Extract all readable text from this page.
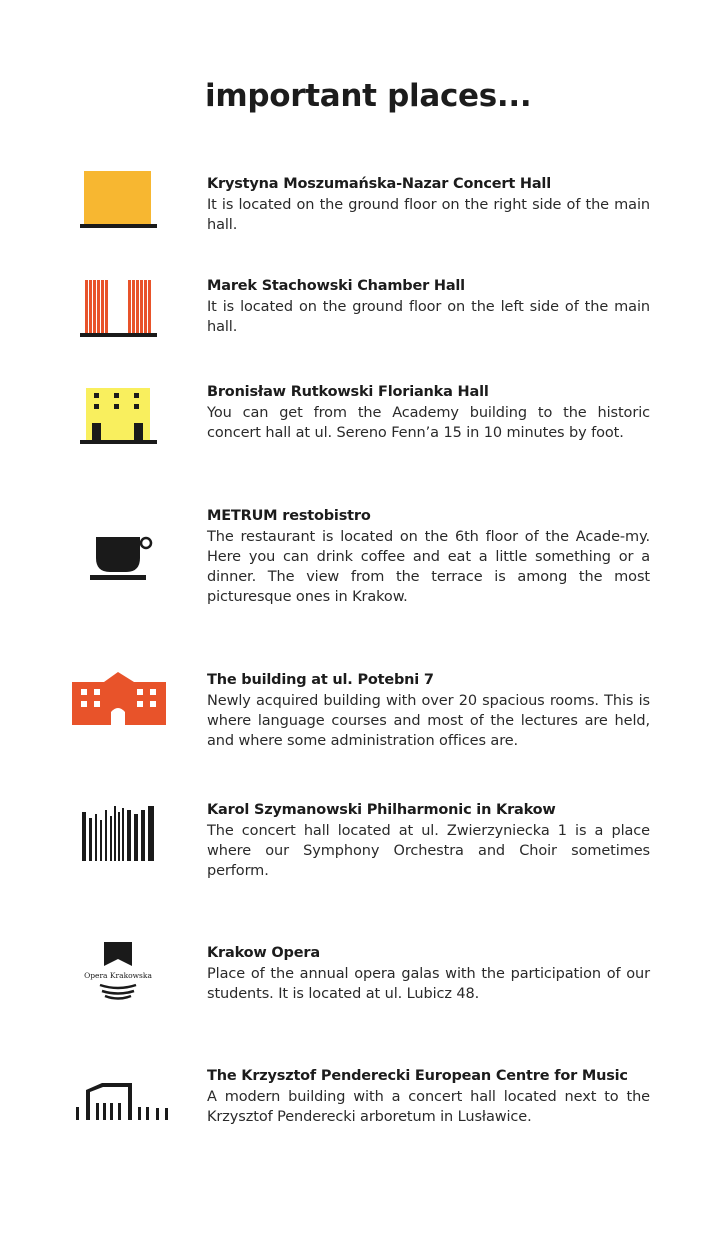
important places...
Krystyna Moszumańska-Nazar Concert Hall

It is located on the ground floor on the right side of the main hall.

Marek Stachowski Chamber Hall

It is located on the ground floor on the left side of the main hall.

Bronisław Rutkowski Florianka Hall

You can get from the Academy building to the historic concert hall at ul. Sereno Fenn’a 15 in 10 minutes by foot.

METRUM restobistro

The restaurant is located on the 6th floor of the Acade-my. Here you can drink coffee and eat a little something or a dinner. The view from the terrace is among the most picturesque ones in Krakow.

The building at ul. Potebni 7

Newly acquired building with over 20 spacious rooms. This is where language courses and most of the lectures are held, and where some administration offices are.

Karol Szymanowski Philharmonic in Krakow

The concert hall located at ul. Zwierzyniecka 1 is a place where our Symphony Orchestra and Choir sometimes perform.

Opera Krakowska
Krakow Opera

Place of the annual opera galas with the participation of our students. It is located at ul. Lubicz 48.

The Krzysztof Penderecki European Centre for Music

A modern building with a concert hall located next to the Krzysztof Penderecki arboretum in Lusławice.
